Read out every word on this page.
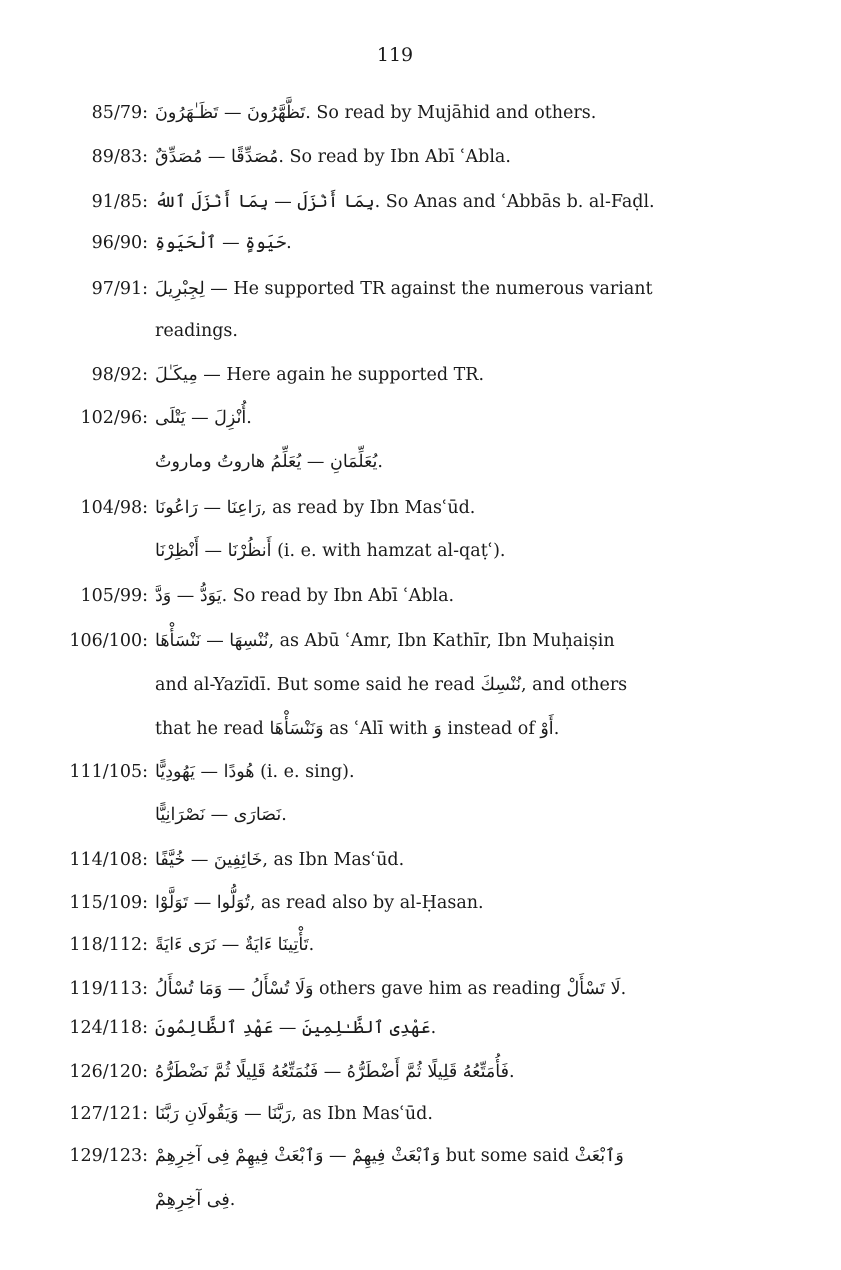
119
85/79: تَظَّهَّرُونَ — تَظَـٰهَرُونَ. So read by Mujāhid and others.
89/83: مُصَدِّقًا — مُصَدِّقٌ. So read by Ibn Abī ʿAbla.
91/85: بِمَا أَنْزَلَ — بِمَا أَنْزَلَ ٱللهُ. So Anas and ʿAbbās b. al-Faḍl.
96/90: حَيَوةٍ — ٱلْحَيَوةِ.
97/91: لِجِبْرِيلَ — He supported TR against the numerous variant
readings.
98/92: مِيكَـٰلَ — Here again he supported TR.
102/96: أُنْزِلَ — يَتْلَى.
يُعَلِّمَانِ — يُعَلِّمُ هاروتُ وماروتُ.
104/98: رَاعِنَا — رَاعُونَا, as read by Ibn Masʿūd.
أَنظُرْنَا — أَنْظِرْنَا (i. e. with hamzat al-qaṭʿ).
105/99: يَوَدُّ — وَدَّ. So read by Ibn Abī ʿAbla.
106/100: نُنْسِهَا — نَنْسَأْهَا, as Abū ʿAmr, Ibn Kathīr, Ibn Muḥaiṣin
and al-Yazīdī. But some said he read نُنْسِكَ, and others
that he read وَنَنْسَأْهَا as ʿAlī with وَ instead of أَوْ.
111/105: هُودًا — يَهُودِيًّا (i. e. sing).
نَصَارَى — نَصْرَانِيًّا.
114/108: خَائِفِينَ — خُيَّفًا, as Ibn Masʿūd.
115/109: تُوَلُّوا — تَوَلَّوْا, as read also by al-Ḥasan.
118/112: تَأْتِينَا ءَايَةٌ — نَرَى ءَايَةً.
119/113: وَلَا تُسْأَلُ — وَمَا تُسْأَلُ others gave him as reading لَا تَسْأَلْ.
124/118: عَهْدِى ٱلظَّـٰلِمِينَ — عَهْدِ ٱلظَّالِمُونَ.
126/120: فَأُمَتِّعُهُ قَلِيلًا ثُمَّ أَضْطَرُّهُ — فَنُمَتِّعُهُ قَلِيلًا ثُمَّ نَضْطَرُّهُ.
127/121: رَبَّنَا — وَيَقُولَانِ رَبَّنَا, as Ibn Masʿūd.
129/123: وَٱبْعَثْ فِيهِمْ — وَٱبْعَثْ فِيهِمْ فِى آخِرِهِمْ but some said وَٱبْعَثْ
فِى آخِرِهِمْ.
